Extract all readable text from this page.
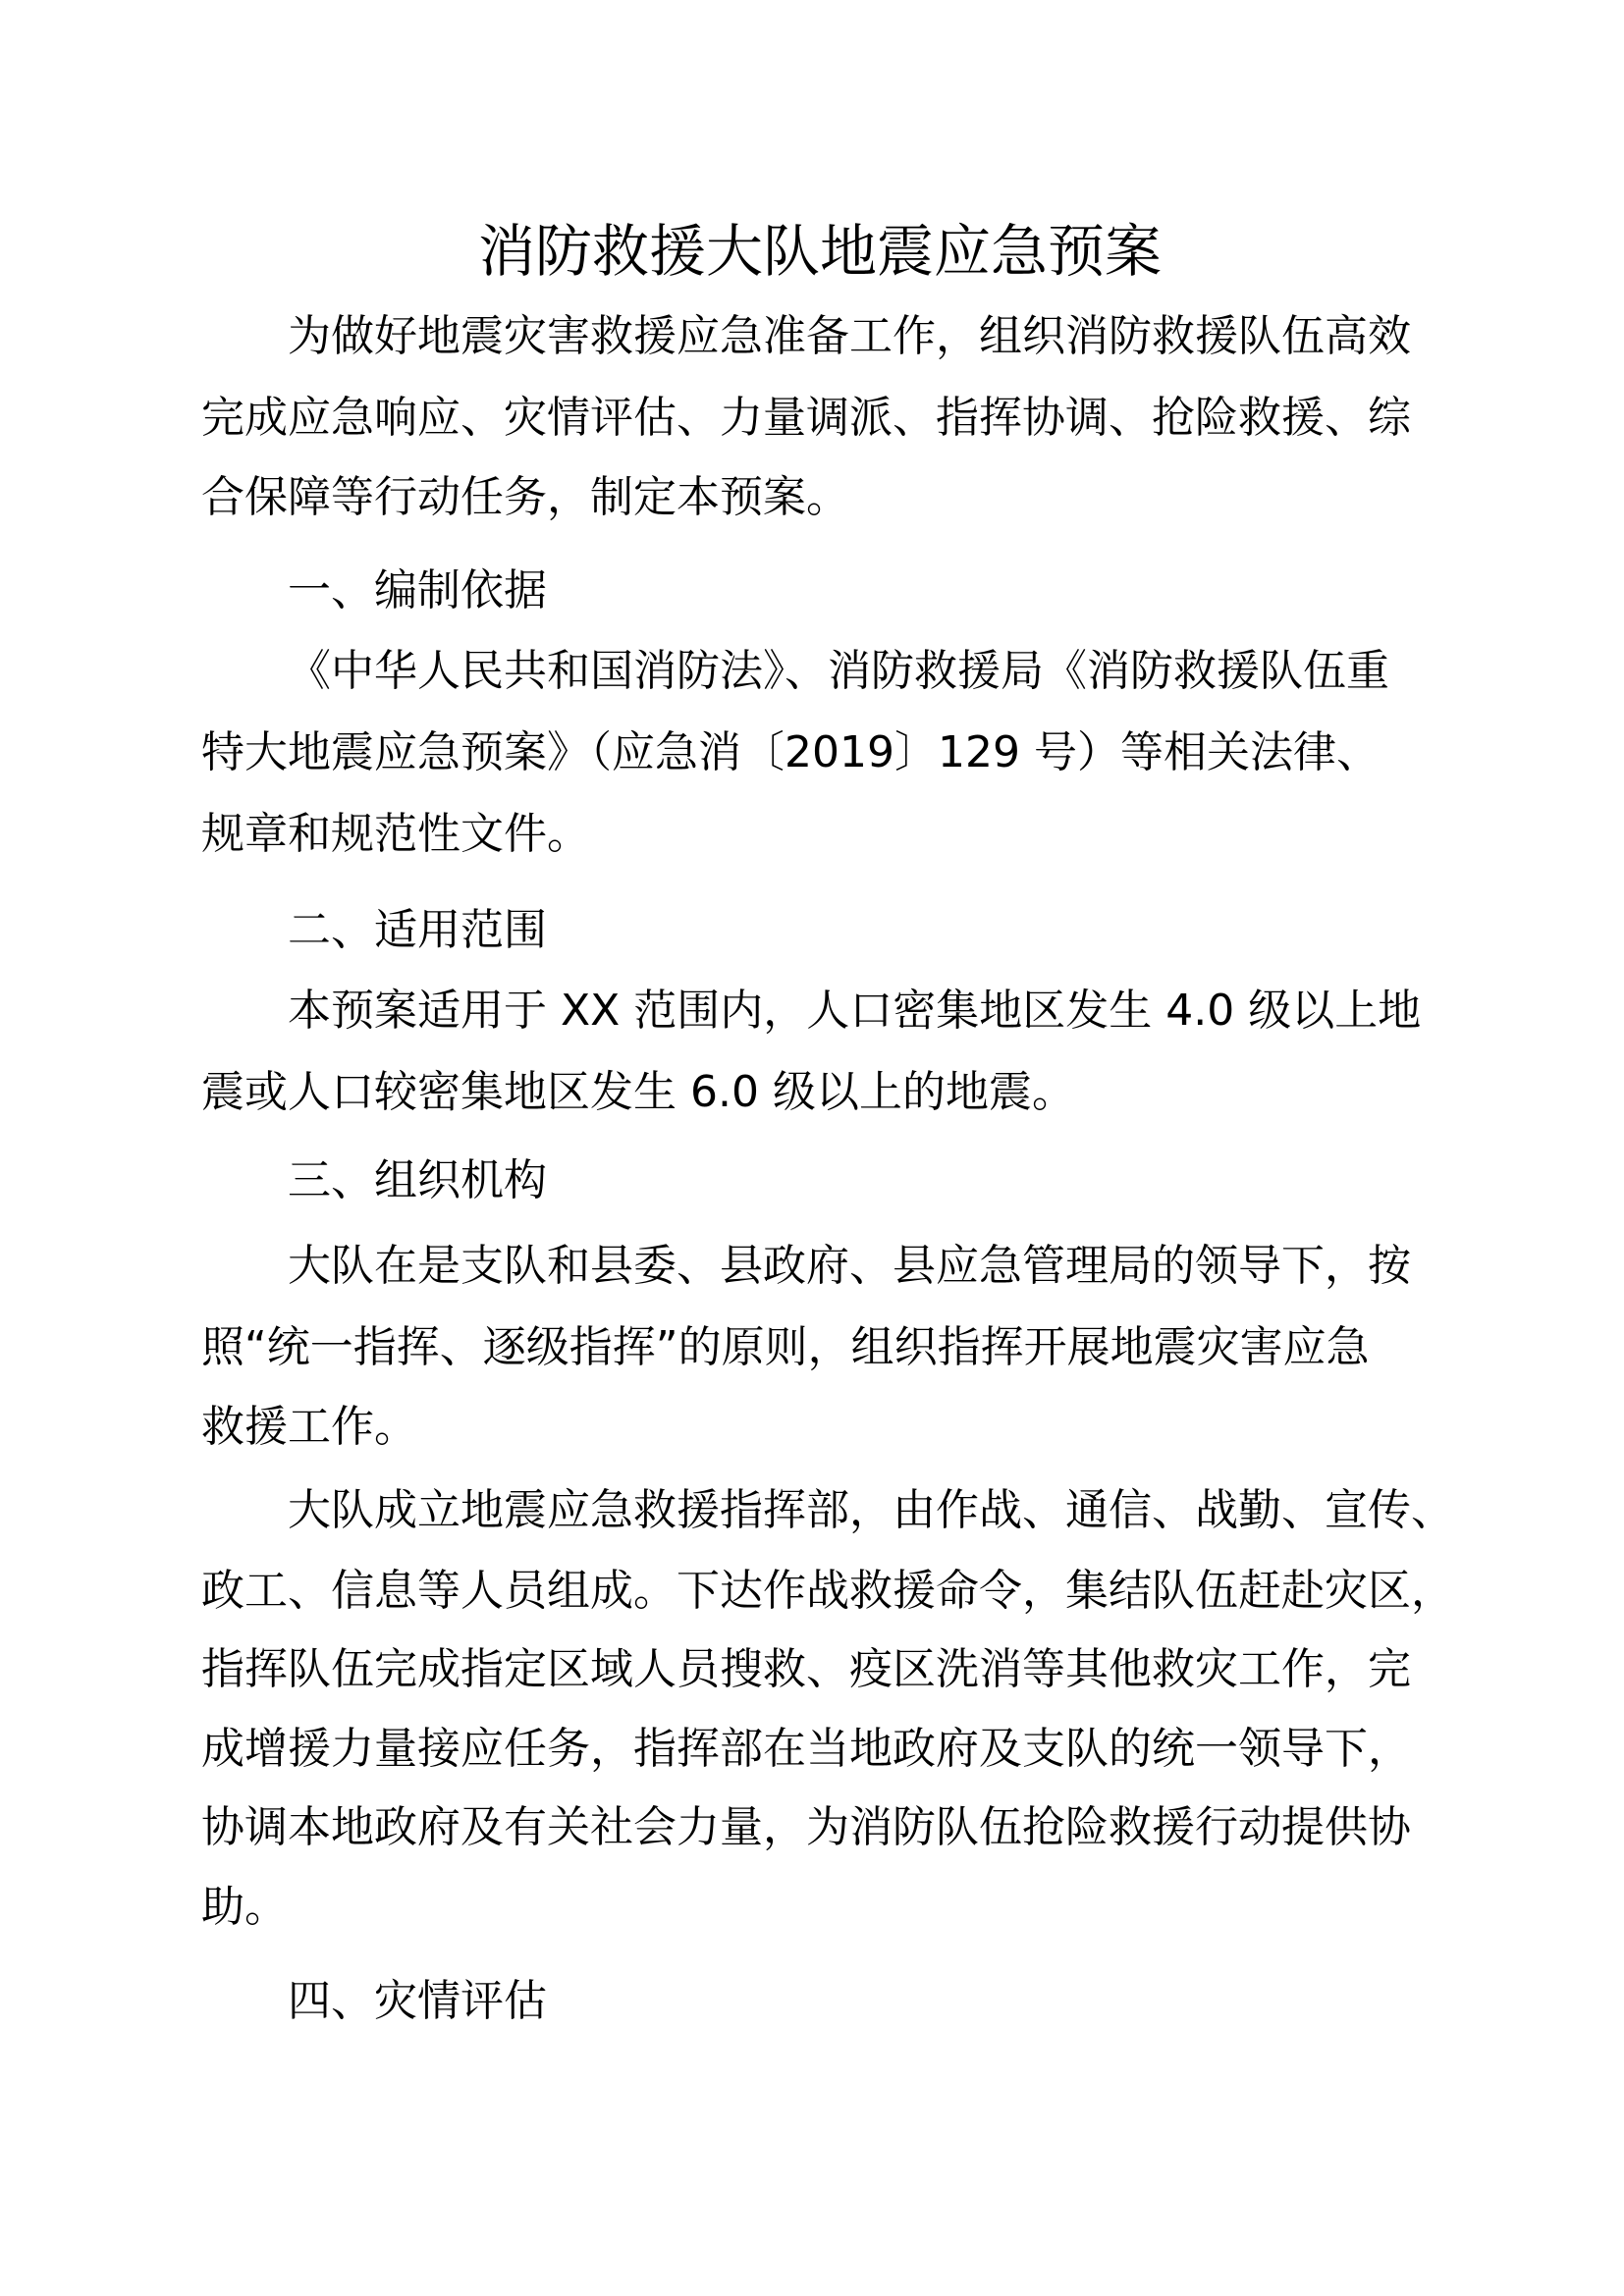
消防救援大队地震应急预案
为做好地震灾害救援应急准备工作，组织消防救援队伍高效
完成应急响应、灾情评估、力量调派、指挥协调、抢险救援、综
合保障等行动任务，制定本预案。
一、编制依据
《中华人民共和国消防法》、消防救援局《消防救援队伍重
特大地震应急预案》（应急消〔2019〕129 号）等相关法律、
规章和规范性文件。
二、适用范围
本预案适用于 XX 范围内，人口密集地区发生 4.0 级以上地
震或人口较密集地区发生 6.0 级以上的地震。
三、组织机构
大队在是支队和县委、县政府、县应急管理局的领导下，按
照“统一指挥、逐级指挥”的原则，组织指挥开展地震灾害应急
救援工作。
大队成立地震应急救援指挥部，由作战、通信、战勤、宣传、
政工、信息等人员组成。下达作战救援命令，集结队伍赶赴灾区，
指挥队伍完成指定区域人员搜救、疫区洗消等其他救灾工作，完
成增援力量接应任务，指挥部在当地政府及支队的统一领导下，
协调本地政府及有关社会力量，为消防队伍抢险救援行动提供协
助。
四、灾情评估
